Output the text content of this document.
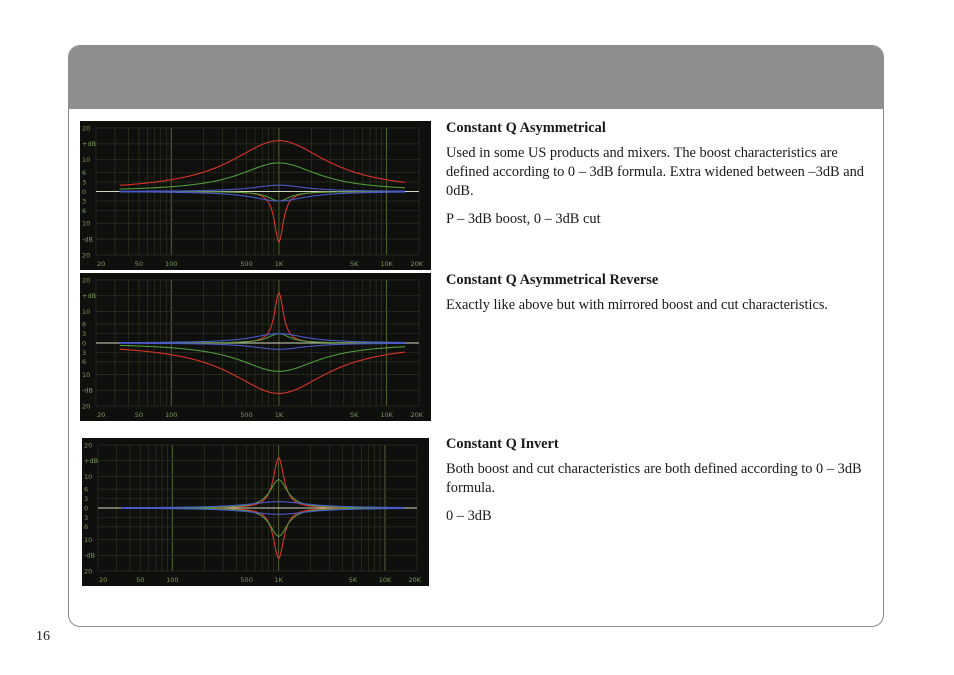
20
+dB
10
6
3
0
3
6
10
-dB
20
20	50	100	500	1K	5K	10K	20K
20
+dB
10
6
3
0
3
6
10
-dB
20
20	50	100	500	1K	5K	10K	20K
20
+dB
10
6
3
0
3
6
10
-dB
20
20	50	100	500	1K	5K	10K	20K
Constant Q Asymmetrical

Used in some US products and mixers. The boost characteristics are defined according to 0 – 3dB formula. Extra widened between –3dB and 0dB.

P – 3dB boost, 0 – 3dB cut

Constant Q Asymmetrical Reverse

Exactly like above but with mirrored boost and cut characteristics.

Constant Q Invert

Both boost and cut characteristics are both defined according to 0 – 3dB formula.

0 – 3dB

16
